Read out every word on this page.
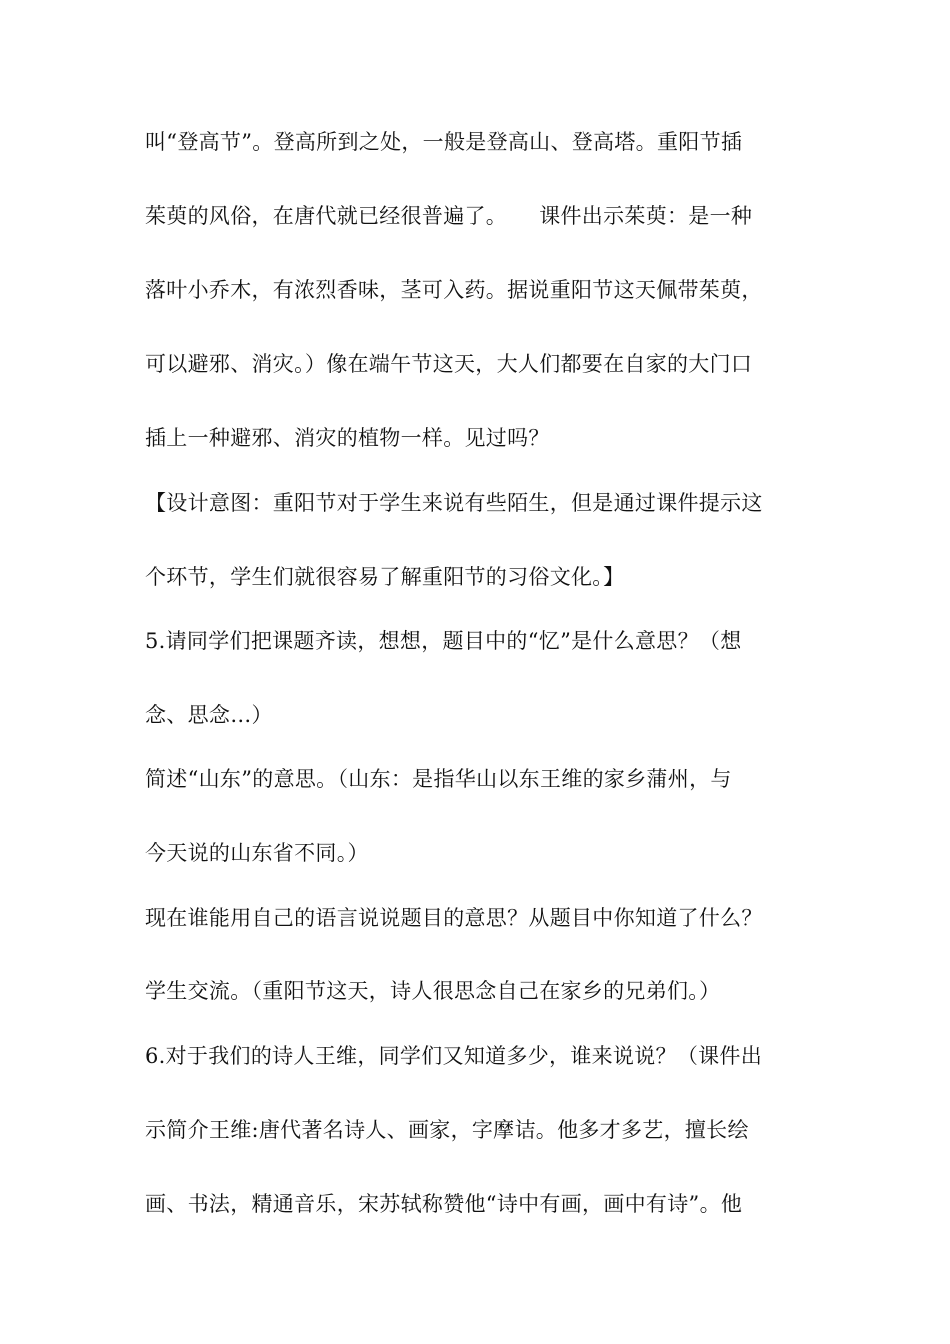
叫“登高节”。登高所到之处，一般是登高山、登高塔。重阳节插
茱萸的风俗，在唐代就已经很普遍了。　　课件出示茱萸：是一种
落叶小乔木，有浓烈香味，茎可入药。据说重阳节这天佩带茱萸，
可以避邪、消灾。）像在端午节这天，大人们都要在自家的大门口
插上一种避邪、消灾的植物一样。见过吗？
【设计意图：重阳节对于学生来说有些陌生，但是通过课件提示这
个环节，学生们就很容易了解重阳节的习俗文化。】
5.请同学们把课题齐读，想想，题目中的“忆”是什么意思？（想
念、思念…）
简述“山东”的意思。（山东：是指华山以东王维的家乡蒲州，与
今天说的山东省不同。）
现在谁能用自己的语言说说题目的意思？从题目中你知道了什么？
学生交流。（重阳节这天，诗人很思念自己在家乡的兄弟们。）
6.对于我们的诗人王维，同学们又知道多少，谁来说说？（课件出
示简介王维:唐代著名诗人、画家，字摩诘。他多才多艺，擅长绘
画、书法，精通音乐，宋苏轼称赞他“诗中有画，画中有诗”。他
